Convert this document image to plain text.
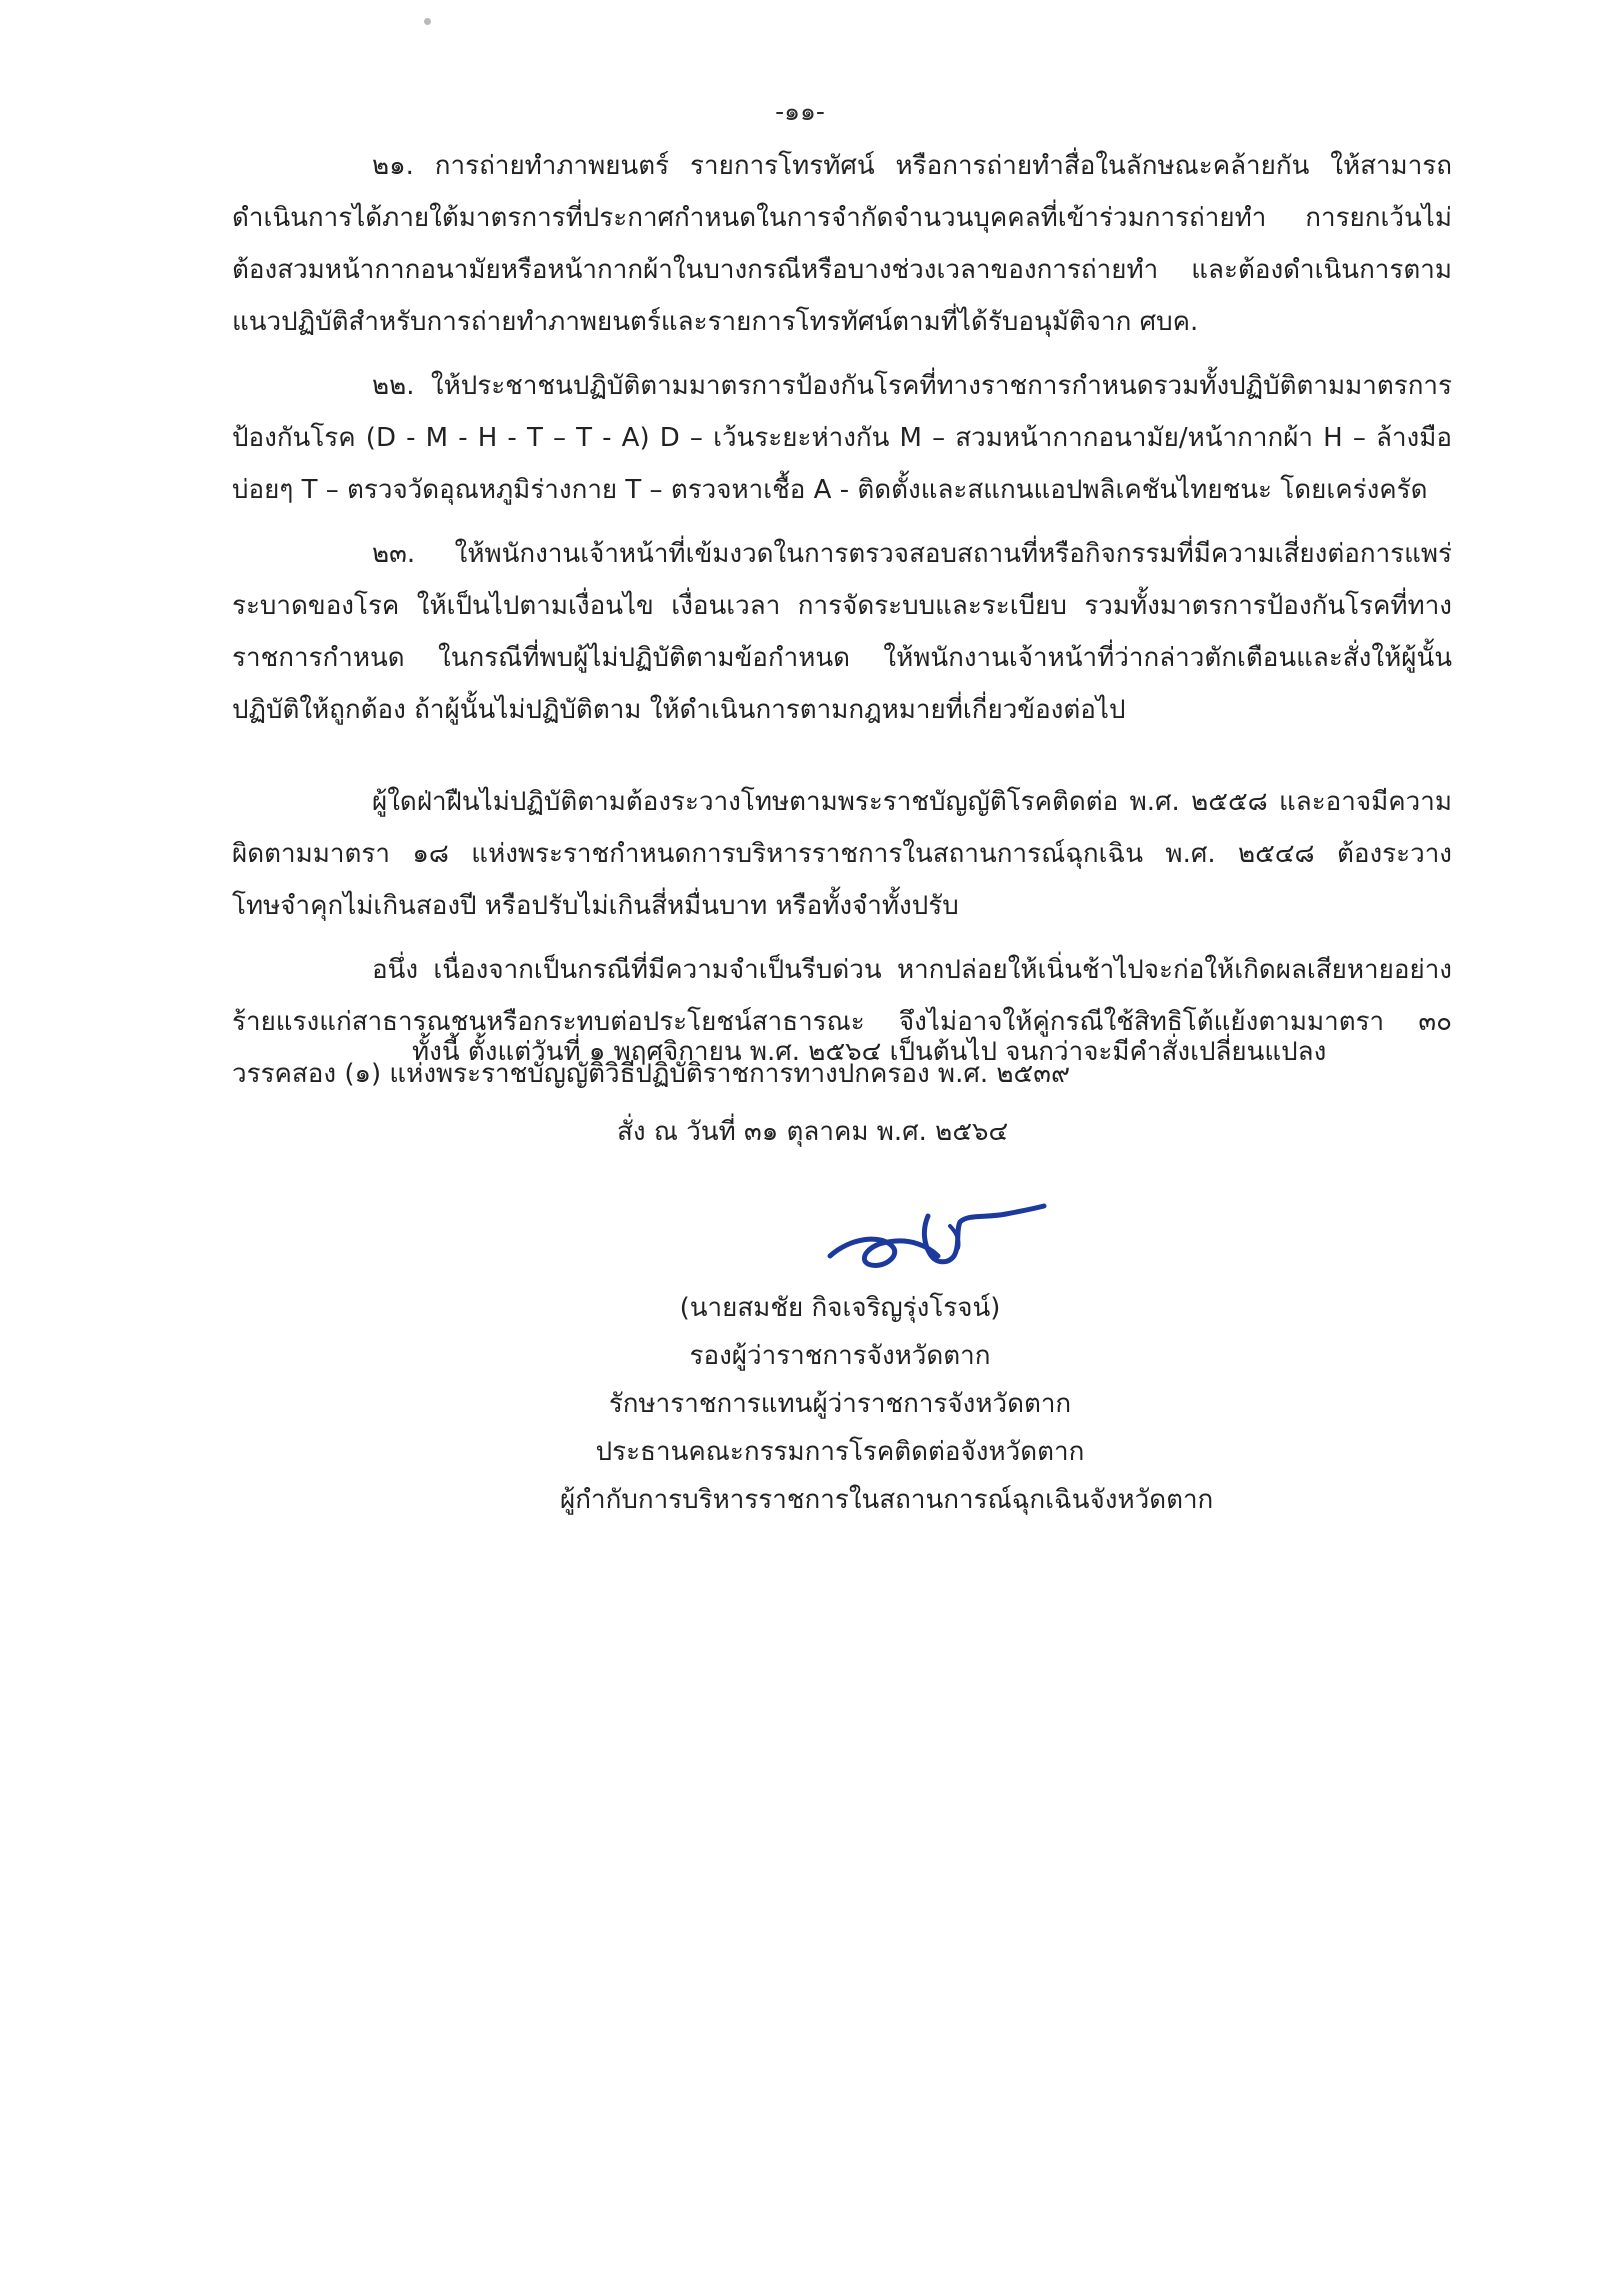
-๑๑-

๒๑. การถ่ายทำภาพยนตร์ รายการโทรทัศน์ หรือการถ่ายทำสื่อในลักษณะคล้ายกัน ให้สามารถดำเนินการได้ภายใต้มาตรการที่ประกาศกำหนดในการจำกัดจำนวนบุคคลที่เข้าร่วมการถ่ายทำ การยกเว้นไม่ต้องสวมหน้ากากอนามัยหรือหน้ากากผ้าในบางกรณีหรือบางช่วงเวลาของการถ่ายทำ และต้องดำเนินการตามแนวปฏิบัติสำหรับการถ่ายทำภาพยนตร์และรายการโทรทัศน์ตามที่ได้รับอนุมัติจาก ศบค.

๒๒. ให้ประชาชนปฏิบัติตามมาตรการป้องกันโรคที่ทางราชการกำหนดรวมทั้งปฏิบัติตามมาตรการป้องกันโรค (D - M - H - T – T - A) D – เว้นระยะห่างกัน M – สวมหน้ากากอนามัย/หน้ากากผ้า H – ล้างมือบ่อยๆ T – ตรวจวัดอุณหภูมิร่างกาย T – ตรวจหาเชื้อ A - ติดตั้งและสแกนแอปพลิเคชันไทยชนะ โดยเคร่งครัด

๒๓. ให้พนักงานเจ้าหน้าที่เข้มงวดในการตรวจสอบสถานที่หรือกิจกรรมที่มีความเสี่ยงต่อการแพร่ระบาดของโรค ให้เป็นไปตามเงื่อนไข เงื่อนเวลา การจัดระบบและระเบียบ รวมทั้งมาตรการป้องกันโรคที่ทางราชการกำหนด ในกรณีที่พบผู้ไม่ปฏิบัติตามข้อกำหนด ให้พนักงานเจ้าหน้าที่ว่ากล่าวตักเตือนและสั่งให้ผู้นั้นปฏิบัติให้ถูกต้อง ถ้าผู้นั้นไม่ปฏิบัติตาม ให้ดำเนินการตามกฎหมายที่เกี่ยวข้องต่อไป

ผู้ใดฝ่าฝืนไม่ปฏิบัติตามต้องระวางโทษตามพระราชบัญญัติโรคติดต่อ พ.ศ. ๒๕๕๘ และอาจมีความผิดตามมาตรา ๑๘ แห่งพระราชกำหนดการบริหารราชการในสถานการณ์ฉุกเฉิน พ.ศ. ๒๕๔๘ ต้องระวางโทษจำคุกไม่เกินสองปี หรือปรับไม่เกินสี่หมื่นบาท หรือทั้งจำทั้งปรับ

อนึ่ง เนื่องจากเป็นกรณีที่มีความจำเป็นรีบด่วน หากปล่อยให้เนิ่นช้าไปจะก่อให้เกิดผลเสียหายอย่างร้ายแรงแก่สาธารณชนหรือกระทบต่อประโยชน์สาธารณะ จึงไม่อาจให้คู่กรณีใช้สิทธิโต้แย้งตามมาตรา ๓๐ วรรคสอง (๑) แห่งพระราชบัญญัติวิธีปฏิบัติราชการทางปกครอง พ.ศ. ๒๕๓๙

ทั้งนี้ ตั้งแต่วันที่ ๑ พฤศจิกายน พ.ศ. ๒๕๖๔ เป็นต้นไป จนกว่าจะมีคำสั่งเปลี่ยนแปลง
สั่ง ณ วันที่ ๓๑ ตุลาคม พ.ศ. ๒๕๖๔
(นายสมชัย กิจเจริญรุ่งโรจน์)
รองผู้ว่าราชการจังหวัดตาก
รักษาราชการแทนผู้ว่าราชการจังหวัดตาก
ประธานคณะกรรมการโรคติดต่อจังหวัดตาก
ผู้กำกับการบริหารราชการในสถานการณ์ฉุกเฉินจังหวัดตาก
